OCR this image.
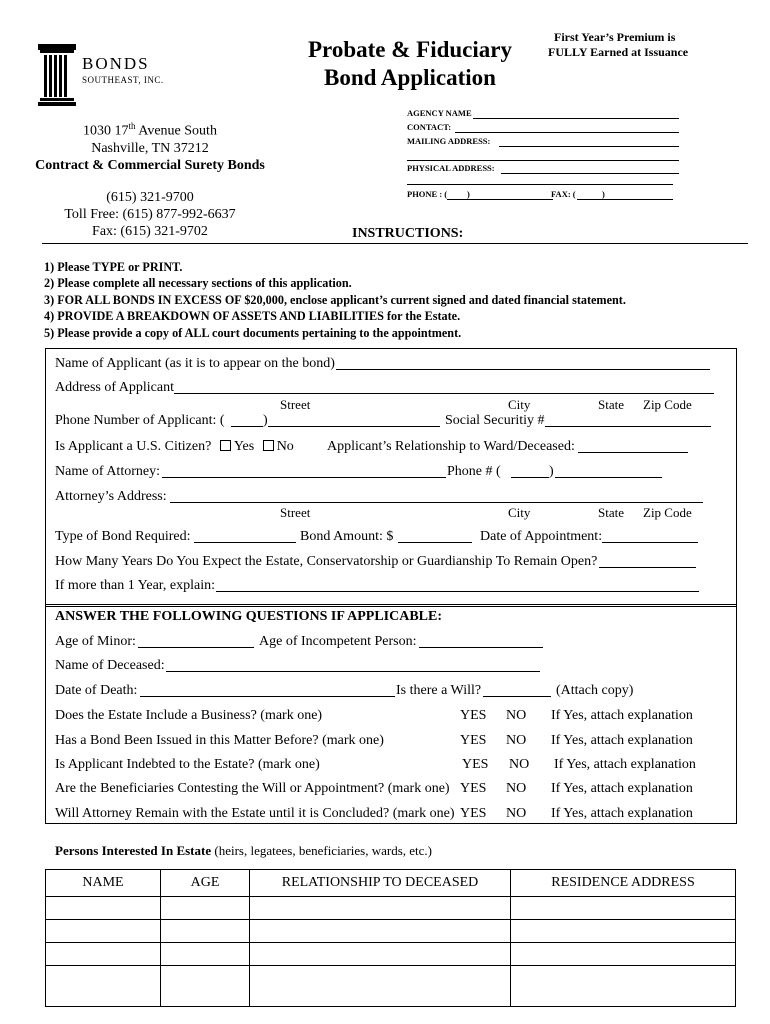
BONDS
SOUTHEAST, INC.
Probate & Fiduciary
Bond Application
First Year’s Premium is
FULLY Earned at Issuance
1030 17th Avenue South
Nashville, TN 37212
Contract & Commercial Surety Bonds
(615) 321-9700
Toll Free: (615) 877-992-6637
Fax: (615) 321-9702
AGENCY NAME
CONTACT:
MAILING ADDRESS:
PHYSICAL ADDRESS:
PHONE : ( )	FAX: (	)
INSTRUCTIONS:
1) Please TYPE or PRINT.
2) Please complete all necessary sections of this application.
3) FOR ALL BONDS IN EXCESS OF $20,000, enclose applicant’s current signed and dated financial statement.
4) PROVIDE A BREAKDOWN OF ASSETS AND LIABILITIES for the Estate.
5) Please provide a copy of ALL court documents pertaining to the appointment.
Name of Applicant (as it is to appear on the bond)
Address of Applicant
Street	City	State Zip Code
Phone Number of Applicant: (	)	Social Securitiy #
Is Applicant a U.S. Citizen? Yes No Applicant’s Relationship to Ward/Deceased:
Name of Attorney:	Phone # (	)
Attorney’s Address:
Street	City	State Zip Code
Type of Bond Required:	Bond Amount: $	Date of Appointment:
How Many Years Do You Expect the Estate, Conservatorship or Guardianship To Remain Open?
If more than 1 Year, explain:
ANSWER THE FOLLOWING QUESTIONS IF APPLICABLE:
Age of Minor:	Age of Incompetent Person:
Name of Deceased:
Date of Death:	Is there a Will?	(Attach copy)
Does the Estate Include a Business? (mark one)	YES NO If Yes, attach explanation
Has a Bond Been Issued in this Matter Before? (mark one)	YES NO If Yes, attach explanation
Is Applicant Indebted to the Estate? (mark one)	YES NO If Yes, attach explanation
Are the Beneficiaries Contesting the Will or Appointment? (mark one) YES NO If Yes, attach explanation
Will Attorney Remain with the Estate until it is Concluded? (mark one) YES NO If Yes, attach explanation
Persons Interested In Estate (heirs, legatees, beneficiaries, wards, etc.)
NAME	AGE	RELATIONSHIP TO DECEASED	RESIDENCE ADDRESS
